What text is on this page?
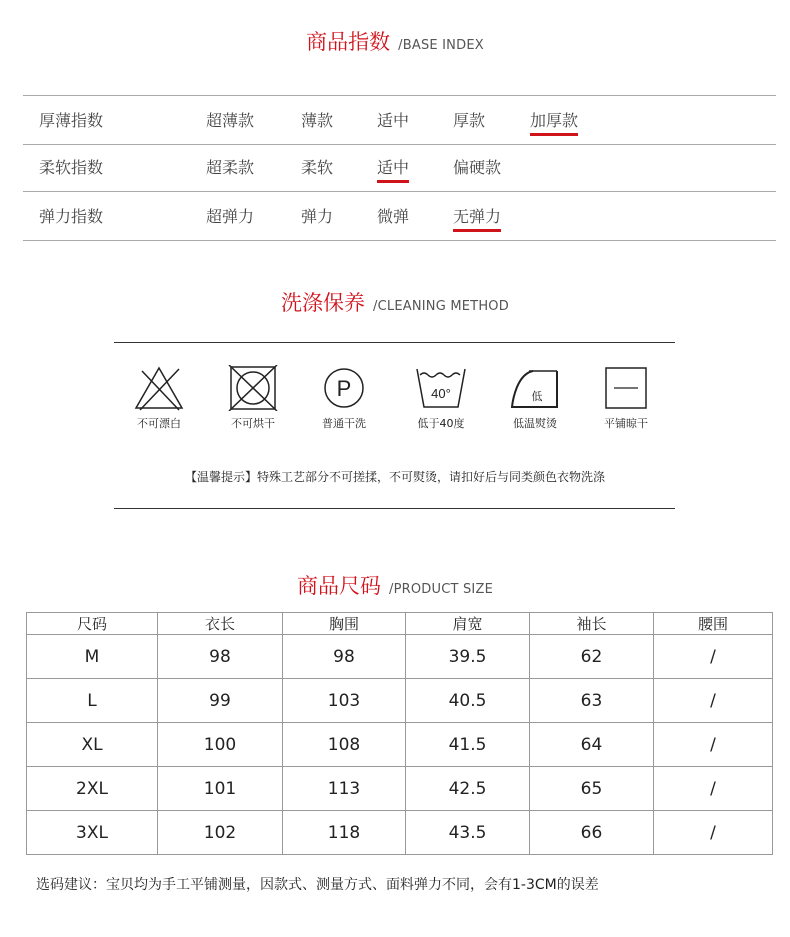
商品指数 /BASE INDEX
厚薄指数	超薄款	薄款	适中	厚款	加厚款
柔软指数	超柔款	柔软	适中	偏硬款
弹力指数	超弹力	弹力	微弹	无弹力
洗涤保养 /CLEANING METHOD
不可漂白	不可烘干
P
普通干洗
40°
低于40度
低
低温熨烫	平铺晾干
【温馨提示】特殊工艺部分不可搓揉，不可熨烫，请扣好后与同类颜色衣物洗涤
商品尺码 /PRODUCT SIZE
尺码	衣长	胸围	肩宽	袖长	腰围
M	98	98	39.5	62	/
L	99	103	40.5	63	/
XL	100	108	41.5	64	/
2XL	101	113	42.5	65	/
3XL	102	118	43.5	66	/
选码建议：宝贝均为手工平铺测量，因款式、测量方式、面料弹力不同，会有1-3CM的误差
